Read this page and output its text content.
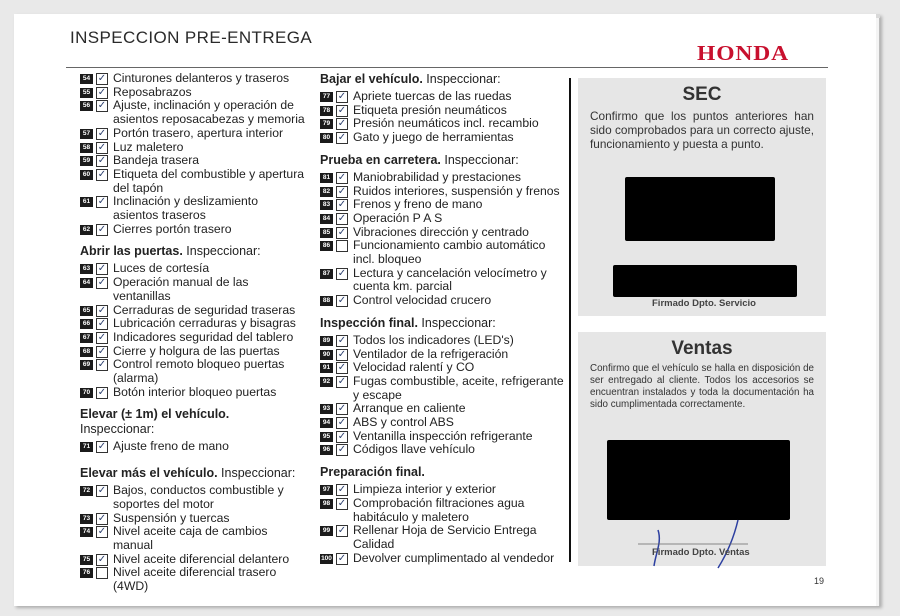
INSPECCION PRE-ENTREGA
HONDA
54 ✓ Cinturones delanteros y traseros
55 ✓ Reposabrazos
56 ✓ Ajuste, inclinación y operación de asientos reposacabezas y memoria
57 ✓ Portón trasero, apertura interior
58 ✓ Luz maletero
59 ✓ Bandeja trasera
60 ✓ Etiqueta del combustible y apertura del tapón
61 ✓ Inclinación y deslizamiento asientos traseros
62 ✓ Cierres portón trasero
Abrir las puertas. Inspeccionar:
63 ✓ Luces de cortesía
64 ✓ Operación manual de las ventanillas
65 ✓ Cerraduras de seguridad traseras
66 ✓ Lubricación cerraduras y bisagras
67 ✓ Indicadores seguridad del tablero
68 ✓ Cierre y holgura de las puertas
69 ✓ Control remoto bloqueo puertas (alarma)
70 ✓ Botón interior bloqueo puertas
Elevar (± 1m) el vehículo. Inspeccionar:
71 ✓ Ajuste freno de mano
Elevar más el vehículo. Inspeccionar:
72 ✓ Bajos, conductos combustible y soportes del motor
73 ✓ Suspensión y tuercas
74 ✓ Nivel aceite caja de cambios manual
75 ✓ Nivel aceite diferencial delantero
76 Nivel aceite diferencial trasero (4WD)
Bajar el vehículo. Inspeccionar:
77 ✓ Apriete tuercas de las ruedas
78 ✓ Etiqueta presión neumáticos
79 ✓ Presión neumáticos incl. recambio
80 ✓ Gato y juego de herramientas
Prueba en carretera. Inspeccionar:
81 ✓ Maniobrabilidad y prestaciones
82 ✓ Ruidos interiores, suspensión y frenos
83 ✓ Frenos y freno de mano
84 ✓ Operación P A S
85 ✓ Vibraciones dirección y centrado
86 Funcionamiento cambio automático incl. bloqueo
87 ✓ Lectura y cancelación velocímetro y cuenta km. parcial
88 ✓ Control velocidad crucero
Inspección final. Inspeccionar:
89 ✓ Todos los indicadores (LED's)
90 ✓ Ventilador de la refrigeración
91 ✓ Velocidad ralentí y CO
92 ✓ Fugas combustible, aceite, refrigerante y escape
93 ✓ Arranque en caliente
94 ✓ ABS y control ABS
95 ✓ Ventanilla inspección refrigerante
96 ✓ Códigos llave vehículo
Preparación final.
97 ✓ Limpieza interior y exterior
98 ✓ Comprobación filtraciones agua habitáculo y maletero
99 ✓ Rellenar Hoja de Servicio Entrega Calidad
100 ✓ Devolver cumplimentado al vendedor
SEC
Confirmo que los puntos anteriores han sido comprobados para un correcto ajuste, funcionamiento y puesta a punto.
Firmado Dpto. Servicio
Ventas
Confirmo que el vehículo se halla en disposición de ser entregado al cliente. Todos los accesorios se encuentran instalados y toda la documentación ha sido cumplimentada correctamente.
Firmado Dpto. Ventas
19
